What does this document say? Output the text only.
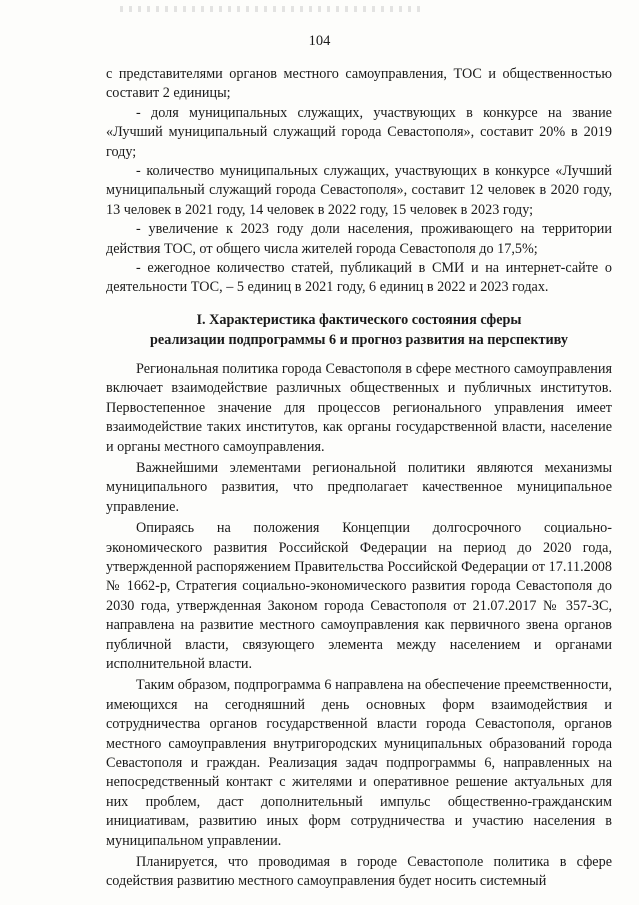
104

с представителями органов местного самоуправления, ТОС и общественностью составит 2 единицы;

- доля муниципальных служащих, участвующих в конкурсе на звание «Лучший муниципальный служащий города Севастополя», составит 20% в 2019 году;

- количество муниципальных служащих, участвующих в конкурсе «Лучший муниципальный служащий города Севастополя», составит 12 человек в 2020 году, 13 человек в 2021 году, 14 человек в 2022 году, 15 человек в 2023 году;

- увеличение к 2023 году доли населения, проживающего на территории действия ТОС, от общего числа жителей города Севастополя до 17,5%;

- ежегодное количество статей, публикаций в СМИ и на интернет-сайте о деятельности ТОС, – 5 единиц в 2021 году, 6 единиц в 2022 и 2023 годах.

I. Характеристика фактического состояния сферы
реализации подпрограммы 6 и прогноз развития на перспективу

Региональная политика города Севастополя в сфере местного самоуправления включает взаимодействие различных общественных и публичных институтов. Первостепенное значение для процессов регионального управления имеет взаимодействие таких институтов, как органы государственной власти, население и органы местного самоуправления.

Важнейшими элементами региональной политики являются механизмы муниципального развития, что предполагает качественное муниципальное управление.

Опираясь на положения Концепции долгосрочного социально-экономического развития Российской Федерации на период до 2020 года, утвержденной распоряжением Правительства Российской Федерации от 17.11.2008 № 1662-р, Стратегия социально-экономического развития города Севастополя до 2030 года, утвержденная Законом города Севастополя от 21.07.2017 № 357-ЗС, направлена на развитие местного самоуправления как первичного звена органов публичной власти, связующего элемента между населением и органами исполнительной власти.

Таким образом, подпрограмма 6 направлена на обеспечение преемственности, имеющихся на сегодняшний день основных форм взаимодействия и сотрудничества органов государственной власти города Севастополя, органов местного самоуправления внутригородских муниципальных образований города Севастополя и граждан. Реализация задач подпрограммы 6, направленных на непосредственный контакт с жителями и оперативное решение актуальных для них проблем, даст дополнительный импульс общественно-гражданским инициативам, развитию иных форм сотрудничества и участию населения в муниципальном управлении.

Планируется, что проводимая в городе Севастополе политика в сфере содействия развитию местного самоуправления будет носить системный
